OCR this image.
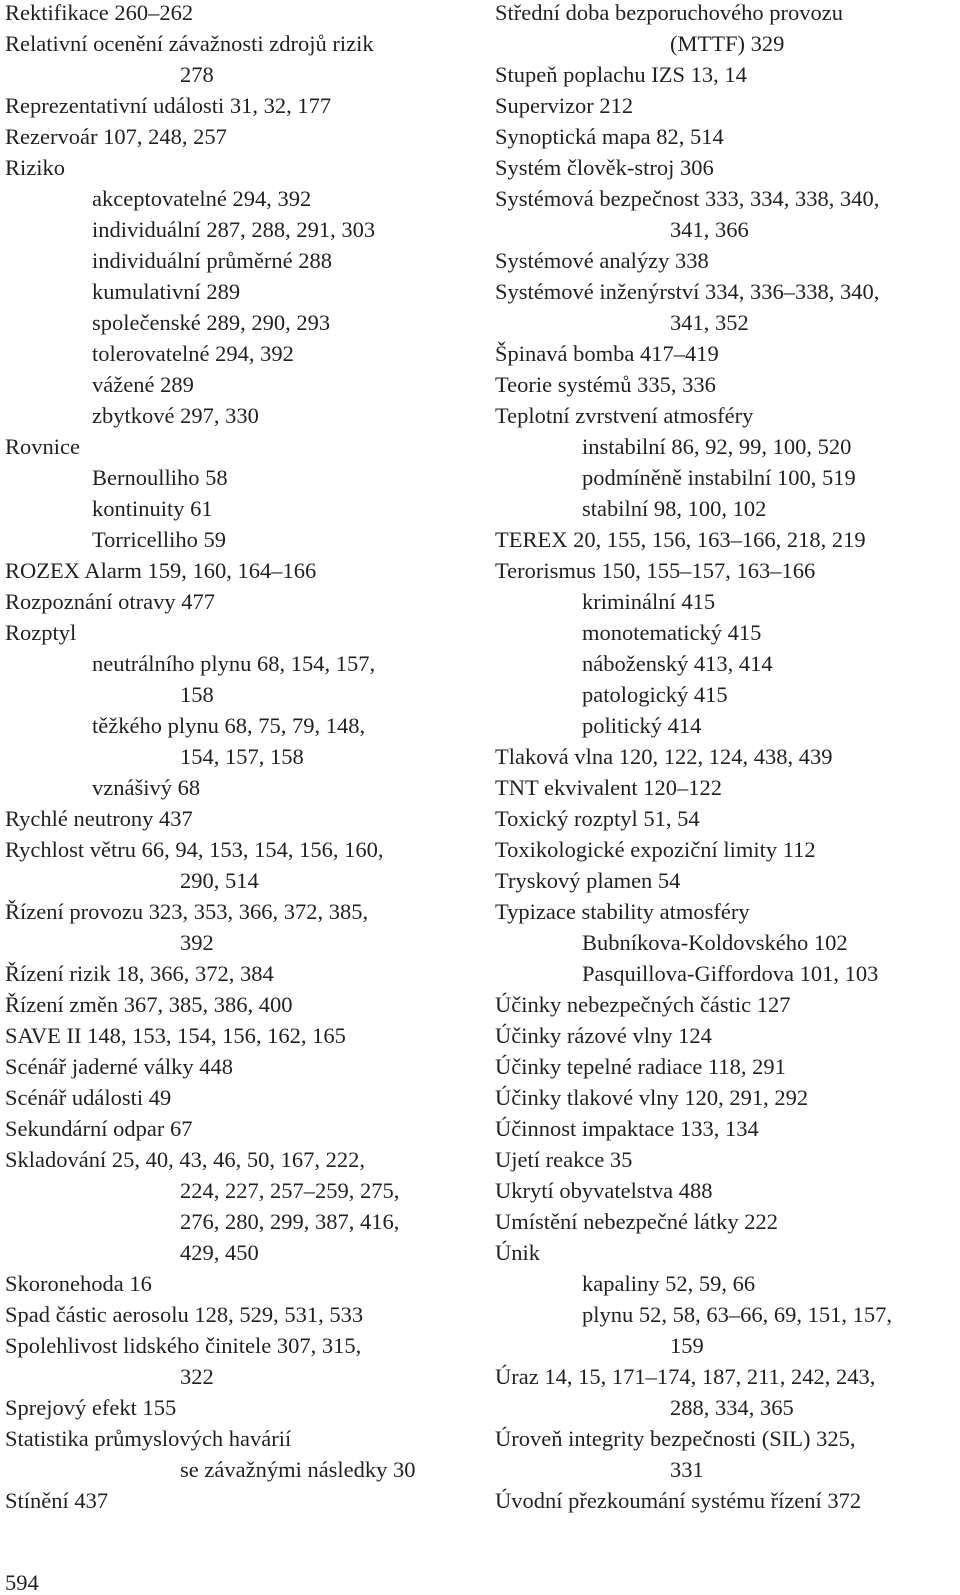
Rektifikace 260–262
Relativní ocenění závažnosti zdrojů rizik
278
Reprezentativní události 31, 32, 177
Rezervoár 107, 248, 257
Riziko
akceptovatelné 294, 392
individuální 287, 288, 291, 303
individuální průměrné 288
kumulativní 289
společenské 289, 290, 293
tolerovatelné 294, 392
vážené 289
zbytkové 297, 330
Rovnice
Bernoulliho 58
kontinuity 61
Torricelliho 59
ROZEX Alarm 159, 160, 164–166
Rozpoznání otravy 477
Rozptyl
neutrálního plynu 68, 154, 157,
158
těžkého plynu 68, 75, 79, 148,
154, 157, 158
vznášivý 68
Rychlé neutrony 437
Rychlost větru 66, 94, 153, 154, 156, 160,
290, 514
Řízení provozu 323, 353, 366, 372, 385,
392
Řízení rizik 18, 366, 372, 384
Řízení změn 367, 385, 386, 400
SAVE II 148, 153, 154, 156, 162, 165
Scénář jaderné války 448
Scénář události 49
Sekundární odpar 67
Skladování 25, 40, 43, 46, 50, 167, 222,
224, 227, 257–259, 275,
276, 280, 299, 387, 416,
429, 450
Skoronehoda 16
Spad částic aerosolu 128, 529, 531, 533
Spolehlivost lidského činitele 307, 315,
322
Sprejový efekt 155
Statistika průmyslových havárií
se závažnými následky 30
Stínění 437
Střední doba bezporuchového provozu
(MTTF) 329
Stupeň poplachu IZS 13, 14
Supervizor 212
Synoptická mapa 82, 514
Systém člověk-stroj 306
Systémová bezpečnost 333, 334, 338, 340,
341, 366
Systémové analýzy 338
Systémové inženýrství 334, 336–338, 340,
341, 352
Špinavá bomba 417–419
Teorie systémů 335, 336
Teplotní zvrstvení atmosféry
instabilní 86, 92, 99, 100, 520
podmíněně instabilní 100, 519
stabilní 98, 100, 102
TEREX 20, 155, 156, 163–166, 218, 219
Terorismus 150, 155–157, 163–166
kriminální 415
monotematický 415
náboženský 413, 414
patologický 415
politický 414
Tlaková vlna 120, 122, 124, 438, 439
TNT ekvivalent 120–122
Toxický rozptyl 51, 54
Toxikologické expoziční limity 112
Tryskový plamen 54
Typizace stability atmosféry
Bubníkova-Koldovského 102
Pasquillova-Giffordova 101, 103
Účinky nebezpečných částic 127
Účinky rázové vlny 124
Účinky tepelné radiace 118, 291
Účinky tlakové vlny 120, 291, 292
Účinnost impaktace 133, 134
Ujetí reakce 35
Ukrytí obyvatelstva 488
Umístění nebezpečné látky 222
Únik
kapaliny 52, 59, 66
plynu 52, 58, 63–66, 69, 151, 157,
159
Úraz 14, 15, 171–174, 187, 211, 242, 243,
288, 334, 365
Úroveň integrity bezpečnosti (SIL) 325,
331
Úvodní přezkoumání systému řízení 372
594
